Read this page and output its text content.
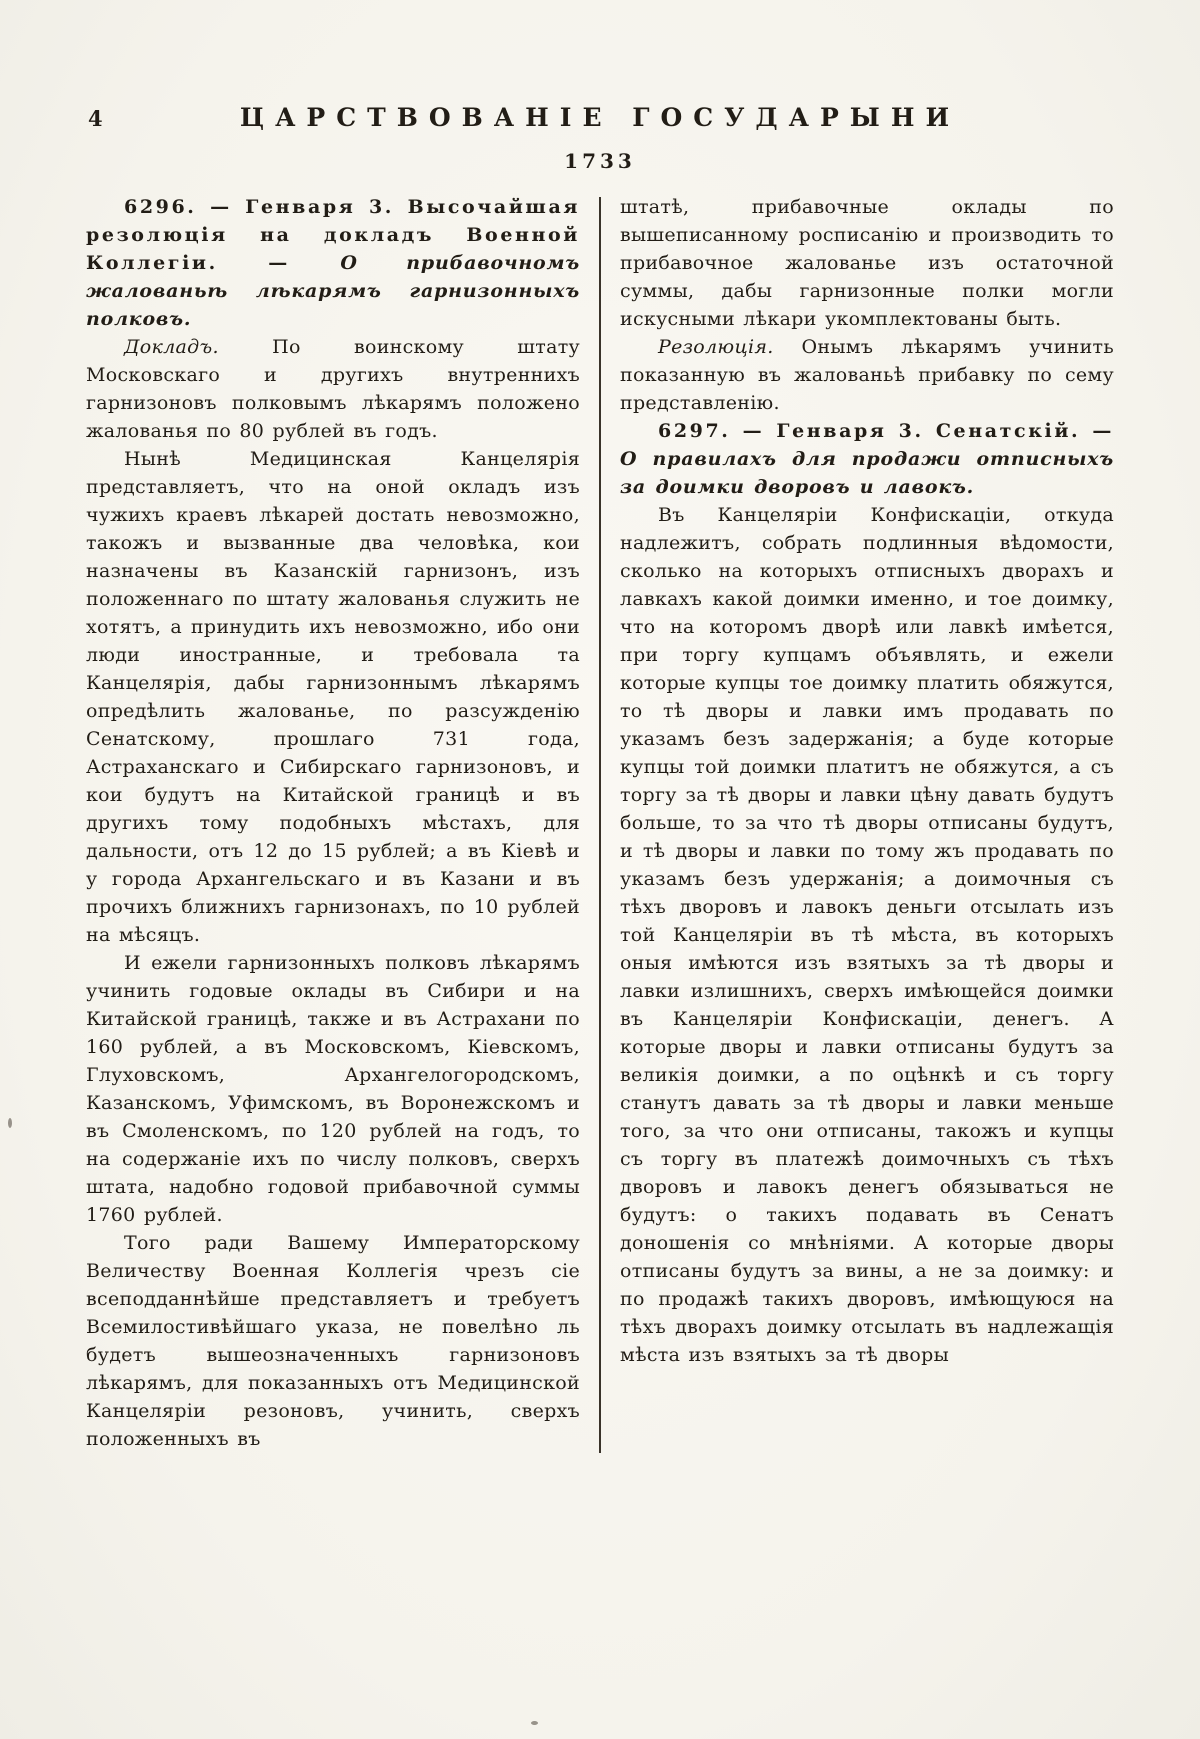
4	ЦАРСТВОВАНІЕ ГОСУДАРЫНИ
1733

6296. — Генваря 3. Высочайшая резолюція на докладъ Военной Коллегіи. — О прибавочномъ жалованьѣ лѣкарямъ гарнизонныхъ полковъ.

Докладъ. По воинскому штату Московскаго и другихъ внутреннихъ гарнизоновъ полковымъ лѣкарямъ положено жалованья по 80 рублей въ годъ.

Нынѣ Медицинская Канцелярія представляетъ, что на оной окладъ изъ чужихъ краевъ лѣкарей достать невозможно, такожъ и вызванные два человѣка, кои назначены въ Казанскій гарнизонъ, изъ положеннаго по штату жалованья служить не хотятъ, а принудить ихъ невозможно, ибо они люди иностранные, и требовала та Канцелярія, дабы гарнизоннымъ лѣкарямъ опредѣлить жалованье, по разсужденію Сенатскому, прошлаго 731 года, Астраханскаго и Сибирскаго гарнизоновъ, и кои будутъ на Китайской границѣ и въ другихъ тому подобныхъ мѣстахъ, для дальности, отъ 12 до 15 рублей; а въ Кіевѣ и у города Архангельскаго и въ Казани и въ прочихъ ближнихъ гарнизонахъ, по 10 рублей на мѣсяцъ.

И ежели гарнизонныхъ полковъ лѣкарямъ учинить годовые оклады въ Сибири и на Китайской границѣ, также и въ Астрахани по 160 рублей, а въ Московскомъ, Кіевскомъ, Глуховскомъ, Архангелогородскомъ, Казанскомъ, Уфимскомъ, въ Воронежскомъ и въ Смоленскомъ, по 120 рублей на годъ, то на содержаніе ихъ по числу полковъ, сверхъ штата, надобно годовой прибавочной суммы 1760 рублей.

Того ради Вашему Императорскому Величеству Военная Коллегія чрезъ сіе всеподданнѣйше представляетъ и требуетъ Всемилостивѣйшаго указа, не повелѣно ль будетъ вышеозначенныхъ гарнизоновъ лѣкарямъ, для показанныхъ отъ Медицинской Канцеляріи резоновъ, учинить, сверхъ положенныхъ въ

штатѣ, прибавочные оклады по вышеписанному росписанію и производить то прибавочное жалованье изъ остаточной суммы, дабы гарнизонные полки могли искусными лѣкари укомплектованы быть.

Резолюція. Онымъ лѣкарямъ учинить показанную въ жалованьѣ прибавку по сему представленію.

6297. — Генваря 3. Сенатскій. — О правилахъ для продажи отписныхъ за доимки дворовъ и лавокъ.

Въ Канцеляріи Конфискаціи, откуда надлежитъ, собрать подлинныя вѣдомости, сколько на которыхъ отписныхъ дворахъ и лавкахъ какой доимки именно, и тое доимку, что на которомъ дворѣ или лавкѣ имѣется, при торгу купцамъ объявлять, и ежели которые купцы тое доимку платить обяжутся, то тѣ дворы и лавки имъ продавать по указамъ безъ задержанія; а буде которые купцы той доимки платитъ не обяжутся, а съ торгу за тѣ дворы и лавки цѣну давать будутъ больше, то за что тѣ дворы отписаны будутъ, и тѣ дворы и лавки по тому жъ продавать по указамъ безъ удержанія; а доимочныя съ тѣхъ дворовъ и лавокъ деньги отсылать изъ той Канцеляріи въ тѣ мѣста, въ которыхъ оныя имѣются изъ взятыхъ за тѣ дворы и лавки излишнихъ, сверхъ имѣющейся доимки въ Канцеляріи Конфискаціи, денегъ. А которые дворы и лавки отписаны будутъ за великія доимки, а по оцѣнкѣ и съ торгу станутъ давать за тѣ дворы и лавки меньше того, за что они отписаны, такожъ и купцы съ торгу въ платежѣ доимочныхъ съ тѣхъ дворовъ и лавокъ денегъ обязываться не будутъ: о такихъ подавать въ Сенатъ доношенія со мнѣніями. А которые дворы отписаны будутъ за вины, а не за доимку: и по продажѣ такихъ дворовъ, имѣющуюся на тѣхъ дворахъ доимку отсылать въ надлежащія мѣста изъ взятыхъ за тѣ дворы
